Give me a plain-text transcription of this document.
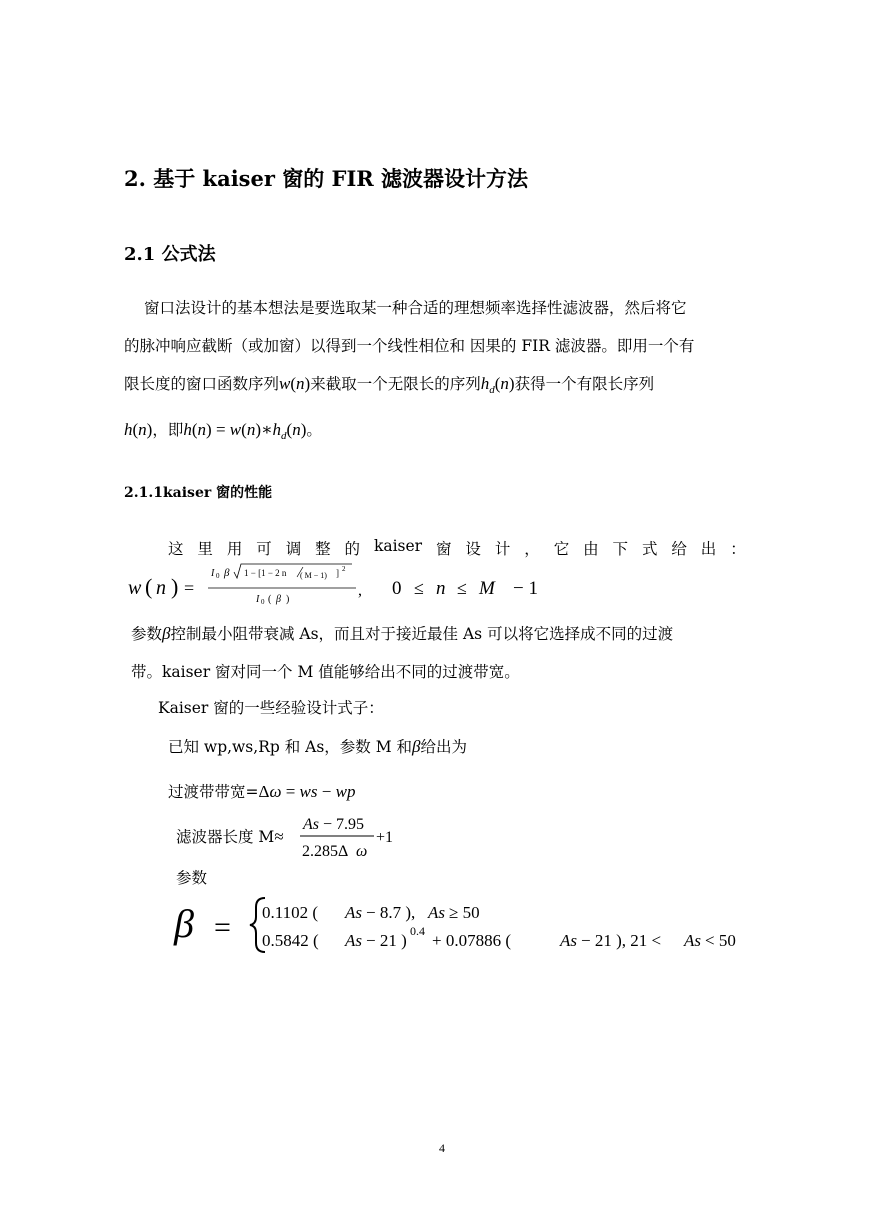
2. 基于 kaiser 窗的 FIR 滤波器设计方法
2.1 公式法
窗口法设计的基本想法是要选取某一种合适的理想频率选择性滤波器，然后将它
的脉冲响应截断（或加窗）以得到一个线性相位和 因果的 FIR 滤波器。即用一个有
限长度的窗口函数序列w(n)来截取一个无限长的序列$h_d(n)$获得一个有限长序列
h(n)，即$h(n) = w(n)∗h_d(n)$。
2.1.1kaiser 窗的性能
这 里 用 可 调 整 的 kaiser 窗 设 计 ， 它 由 下 式 给 出 ：
w ( n ) =
I 0 β 1 − [1 − 2 n ( M − 1) ] 2
I 0 ( β )
, 0 ≤ n ≤ M − 1
参数β控制最小阻带衰减 As，而且对于接近最佳 As 可以将它选择成不同的过渡
带。kaiser 窗对同一个 M 值能够给出不同的过渡带宽。
Kaiser 窗的一些经验设计式子：
已知 wp,ws,Rp 和 As，参数 M 和β给出为
过渡带带宽=Δω = ws − wp
滤波器长度 M≈
As − 7.95
2.285Δ ω
+1
参数
β = 0.1102 ( As − 8.7 ), As ≥ 50
0.5842 ( As − 21 ) 0.4 + 0.07886 (	As − 21 ), 21 < As < 50
4
